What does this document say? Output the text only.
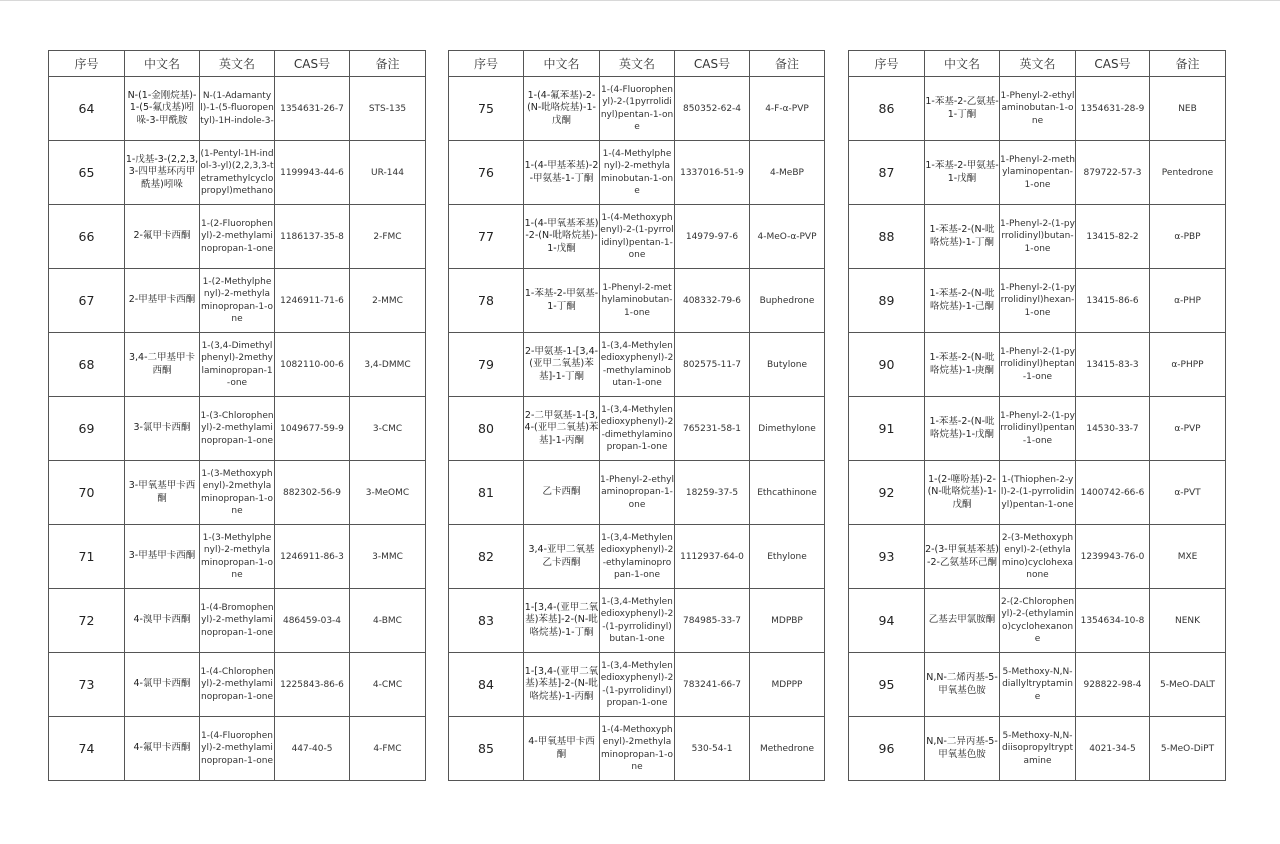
序号	中文名	英文名	CAS号	备注

64	N-(1-金刚烷基)-1-(5-氟戊基)吲哚-3-甲酰胺	N-(1-Adamantyl)-1-(5-fluoropentyl)-1H-indole-3-	1354631-26-7	STS-135

65	1-戊基-3-(2,2,3,3-四甲基环丙甲酰基)吲哚	(1-Pentyl-1H-indol-3-yl)(2,2,3,3-tetramethylcyclopropyl)methano	1199943-44-6	UR-144

66	2-氟甲卡西酮	1-(2-Fluorophenyl)-2-methylaminopropan-1-one	1186137-35-8	2-FMC

67	2-甲基甲卡西酮	1-(2-Methylphenyl)-2-methylaminopropan-1-one	1246911-71-6	2-MMC

68	3,4-二甲基甲卡西酮	1-(3,4-Dimethylphenyl)-2methylaminopropan-1-one	1082110-00-6	3,4-DMMC

69	3-氯甲卡西酮	1-(3-Chlorophenyl)-2-methylaminopropan-1-one	1049677-59-9	3-CMC

70	3-甲氧基甲卡西酮	1-(3-Methoxyphenyl)-2methylaminopropan-1-one	882302-56-9	3-MeOMC

71	3-甲基甲卡西酮	1-(3-Methylphenyl)-2-methylaminopropan-1-one	1246911-86-3	3-MMC

72	4-溴甲卡西酮	1-(4-Bromophenyl)-2-methylaminopropan-1-one	486459-03-4	4-BMC

73	4-氯甲卡西酮	1-(4-Chlorophenyl)-2-methylaminopropan-1-one	1225843-86-6	4-CMC

74	4-氟甲卡西酮	1-(4-Fluorophenyl)-2-methylaminopropan-1-one	447-40-5	4-FMC
序号	中文名	英文名	CAS号	备注

75	1-(4-氟苯基)-2-(N-吡咯烷基)-1-戊酮	1-(4-Fluorophenyl)-2-(1pyrrolidinyl)pentan-1-one	850352-62-4	4-F-α-PVP

76	1-(4-甲基苯基)-2-甲氨基-1-丁酮	1-(4-Methylphenyl)-2-methylaminobutan-1-one	1337016-51-9	4-MeBP

77	1-(4-甲氧基苯基)-2-(N-吡咯烷基)-1-戊酮	1-(4-Methoxyphenyl)-2-(1-pyrrolidinyl)pentan-1-one	14979-97-6	4-MeO-α-PVP

78	1-苯基-2-甲氨基-1-丁酮	1-Phenyl-2-methylaminobutan-1-one	408332-79-6	Buphedrone

79	2-甲氨基-1-[3,4-(亚甲二氧基)苯基]-1-丁酮	1-(3,4-Methylenedioxyphenyl)-2-methylaminobutan-1-one	802575-11-7	Butylone

80	2-二甲氨基-1-[3,4-(亚甲二氧基)苯基]-1-丙酮	1-(3,4-Methylenedioxyphenyl)-2-dimethylaminopropan-1-one	765231-58-1	Dimethylone

81	乙卡西酮	1-Phenyl-2-ethylaminopropan-1-one	18259-37-5	Ethcathinone

82	3,4-亚甲二氧基乙卡西酮	1-(3,4-Methylenedioxyphenyl)-2-ethylaminopropan-1-one	1112937-64-0	Ethylone

83	1-[3,4-(亚甲二氧基)苯基]-2-(N-吡咯烷基)-1-丁酮	1-(3,4-Methylenedioxyphenyl)-2-(1-pyrrolidinyl)butan-1-one	784985-33-7	MDPBP

84	1-[3,4-(亚甲二氧基)苯基]-2-(N-吡咯烷基)-1-丙酮	1-(3,4-Methylenedioxyphenyl)-2-(1-pyrrolidinyl)propan-1-one	783241-66-7	MDPPP

85	4-甲氧基甲卡西酮	1-(4-Methoxyphenyl)-2methylaminopropan-1-one	530-54-1	Methedrone
序号	中文名	英文名	CAS号	备注

86	1-苯基-2-乙氨基-1-丁酮	1-Phenyl-2-ethylaminobutan-1-one	1354631-28-9	NEB

87	1-苯基-2-甲氨基-1-戊酮	1-Phenyl-2-methylaminopentan-1-one	879722-57-3	Pentedrone

88	1-苯基-2-(N-吡咯烷基)-1-丁酮	1-Phenyl-2-(1-pyrrolidinyl)butan-1-one	13415-82-2	α-PBP

89	1-苯基-2-(N-吡咯烷基)-1-己酮	1-Phenyl-2-(1-pyrrolidinyl)hexan-1-one	13415-86-6	α-PHP

90	1-苯基-2-(N-吡咯烷基)-1-庚酮	1-Phenyl-2-(1-pyrrolidinyl)heptan-1-one	13415-83-3	α-PHPP

91	1-苯基-2-(N-吡咯烷基)-1-戊酮	1-Phenyl-2-(1-pyrrolidinyl)pentan-1-one	14530-33-7	α-PVP

92	1-(2-噻吩基)-2-(N-吡咯烷基)-1-戊酮	1-(Thiophen-2-yl)-2-(1-pyrrolidinyl)pentan-1-one	1400742-66-6	α-PVT

93	2-(3-甲氧基苯基)-2-乙氨基环己酮	2-(3-Methoxyphenyl)-2-(ethylamino)cyclohexanone	1239943-76-0	MXE

94	乙基去甲氯胺酮	2-(2-Chlorophenyl)-2-(ethylamino)cyclohexanone	1354634-10-8	NENK

95	N,N-二烯丙基-5-甲氧基色胺	5-Methoxy-N,N-diallyltryptamine	928822-98-4	5-MeO-DALT

96	N,N-二异丙基-5-甲氧基色胺	5-Methoxy-N,N-diisopropyltryptamine	4021-34-5	5-MeO-DiPT
